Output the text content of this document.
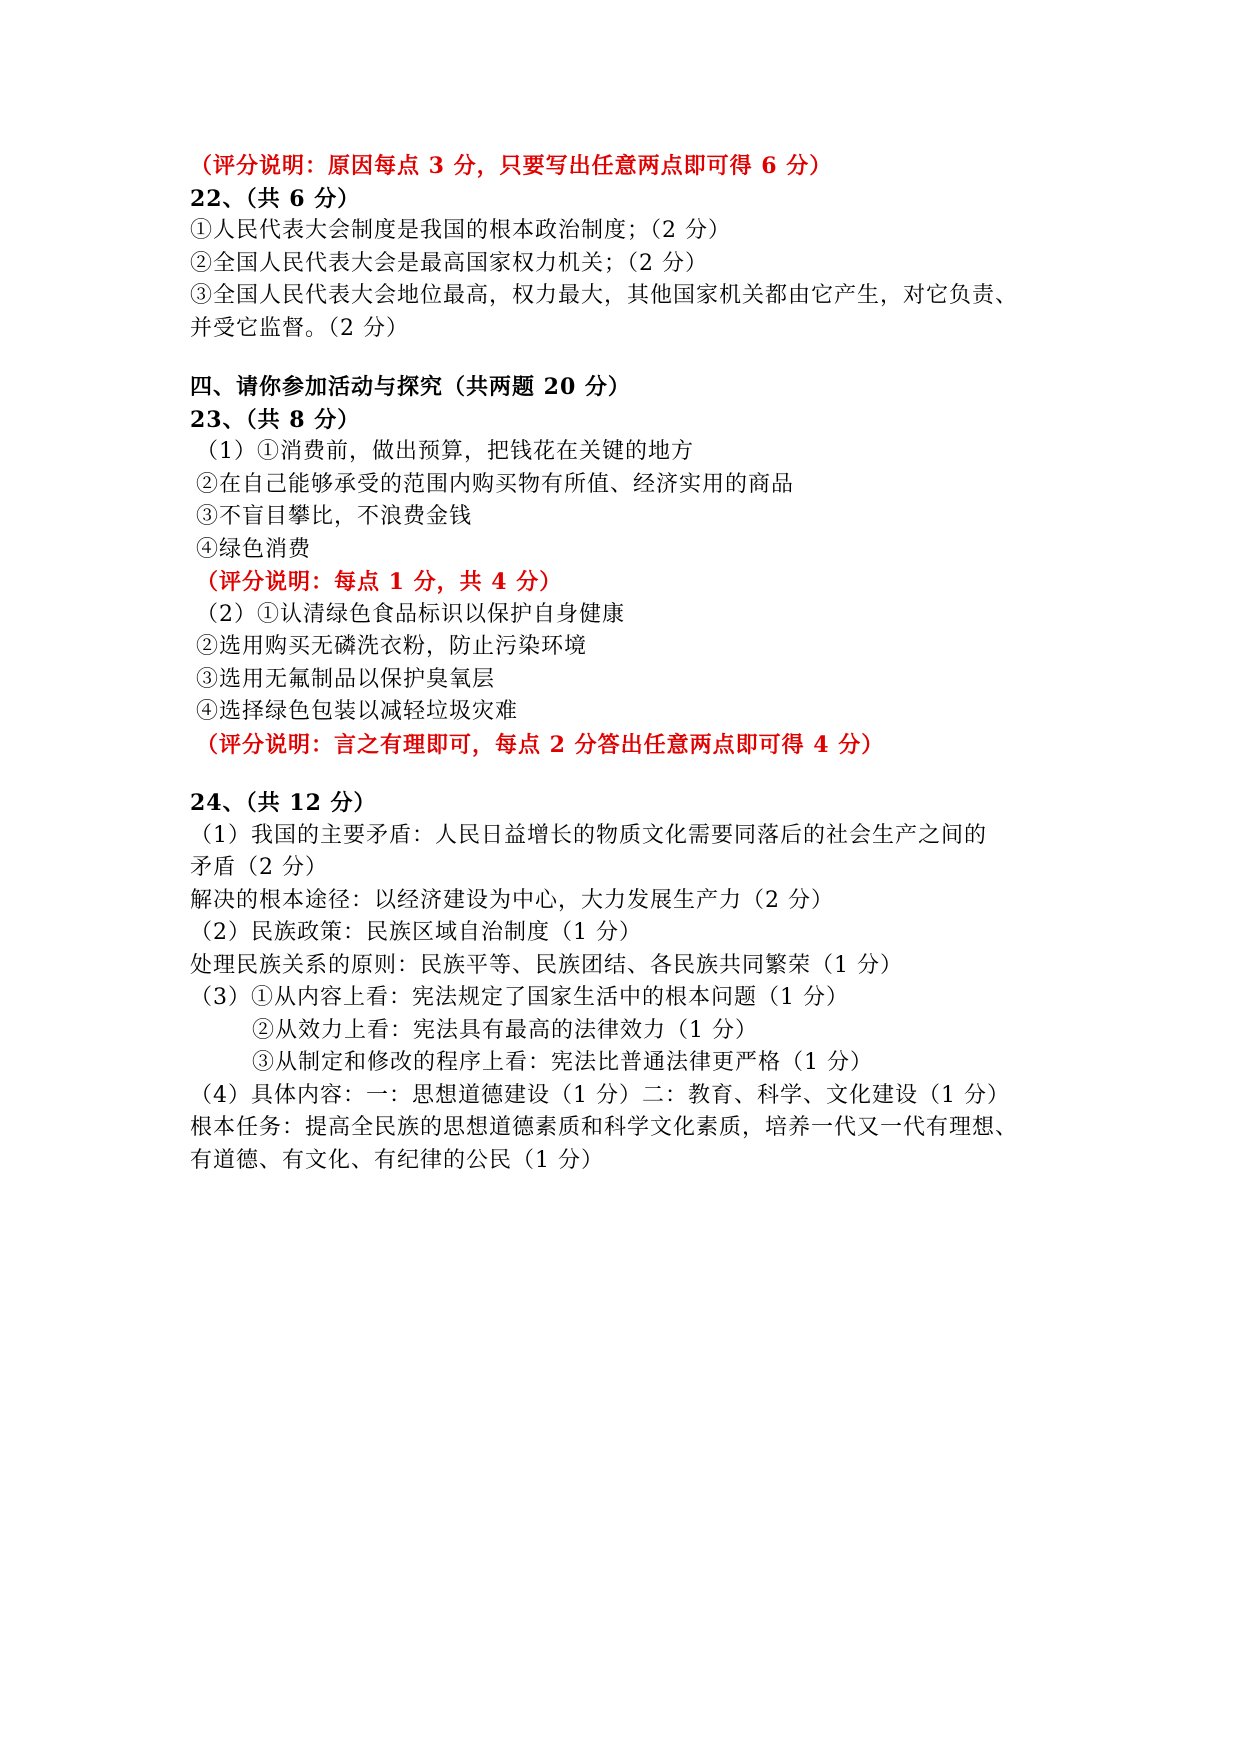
（评分说明：原因每点 3 分，只要写出任意两点即可得 6 分）
22、（共 6 分）
①人民代表大会制度是我国的根本政治制度；（2 分）
②全国人民代表大会是最高国家权力机关；（2 分）
③全国人民代表大会地位最高，权力最大，其他国家机关都由它产生，对它负责、
并受它监督。（2 分）
四、请你参加活动与探究（共两题 20 分）
23、（共 8 分）
（1）①消费前，做出预算，把钱花在关键的地方
②在自己能够承受的范围内购买物有所值、经济实用的商品
③不盲目攀比，不浪费金钱
④绿色消费
（评分说明：每点 1 分，共 4 分）
（2）①认清绿色食品标识以保护自身健康
②选用购买无磷洗衣粉，防止污染环境
③选用无氟制品以保护臭氧层
④选择绿色包装以减轻垃圾灾难
（评分说明：言之有理即可，每点 2 分答出任意两点即可得 4 分）
24、（共 12 分）
（1）我国的主要矛盾：人民日益增长的物质文化需要同落后的社会生产之间的
矛盾（2 分）
解决的根本途径：以经济建设为中心，大力发展生产力（2 分）
（2）民族政策：民族区域自治制度（1 分）
处理民族关系的原则：民族平等、民族团结、各民族共同繁荣（1 分）
（3）①从内容上看：宪法规定了国家生活中的根本问题（1 分）
②从效力上看：宪法具有最高的法律效力（1 分）
③从制定和修改的程序上看：宪法比普通法律更严格（1 分）
（4）具体内容：一：思想道德建设（1 分）二：教育、科学、文化建设（1 分）
根本任务：提高全民族的思想道德素质和科学文化素质，培养一代又一代有理想、
有道德、有文化、有纪律的公民（1 分）
